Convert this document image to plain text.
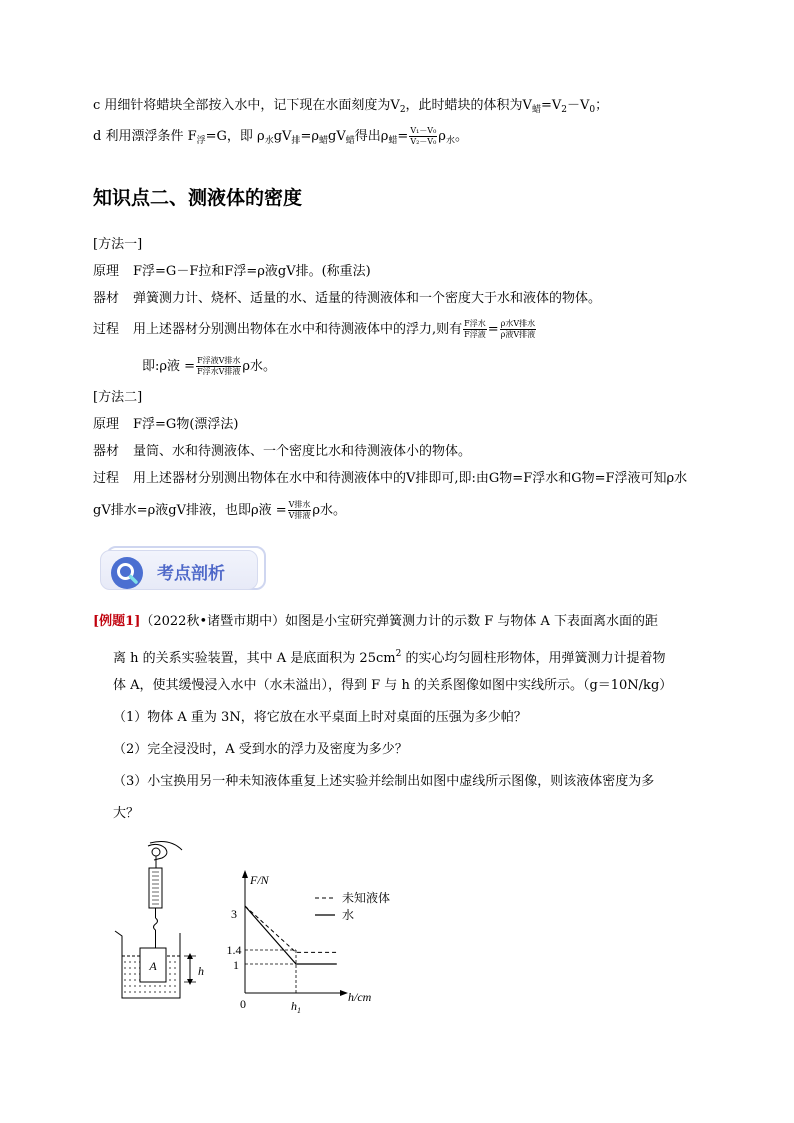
c 用细针将蜡块全部按入水中，记下现在水面刻度为$V_2$，此时蜡块的体积为$V_蜡=V_2-V_0$；
d 利用漂浮条件 $F_浮=G$，即 $\rho_水gV_排=\rho_蜡gV_蜡$得出$\rho_蜡= \frac{\text{V₁－V₀}}{\text{V₂－V₀}} \rho_水$。
知识点二、测液体的密度
[方法一]
原理 F浮=G－F拉和F浮=ρ液gV排。(称重法)
器材 弹簧测力计、烧杯、适量的水、适量的待测液体和一个密度大于水和液体的物体。
过程 用上述器材分别测出物体在水中和待测液体中的浮力,则有 $\frac{\text{F浮水}}{\text{F浮液}} = \frac{\text{ρ水V排水}}{\text{ρ液V排液}}$
即:ρ液 = $\frac{\text{F浮液V排水}}{\text{F浮水V排液}}$ ρ水。
[方法二]
原理 F浮=G物(漂浮法)
器材 量筒、水和待测液体、一个密度比水和待测液体小的物体。
过程 用上述器材分别测出物体在水中和待测液体中的V排即可,即:由G物=F浮水和G物=F浮液可知ρ水
gV排水=ρ液gV排液，也即ρ液 = $\frac{\text{V排水}}{\text{V排液}}$ ρ水。
考点剖析
[例题1]（2022秋•诸暨市期中）如图是小宝研究弹簧测力计的示数 F 与物体 A 下表面离水面的距
离 h 的关系实验装置，其中 A 是底面积为 $25cm^2$ 的实心均匀圆柱形物体，用弹簧测力计提着物
体 A，使其缓慢浸入水中（水未溢出），得到 F 与 h 的关系图像如图中实线所示。（g＝10N/kg）
（1）物体 A 重为 3N，将它放在水平桌面上时对桌面的压强为多少帕？
（2）完全浸没时，A 受到水的浮力及密度为多少？
（3）小宝换用另一种未知液体重复上述实验并绘制出如图中虚线所示图像，则该液体密度为多
大？
A	h
F/N
h/cm
3
1.4
1
0	$h_1$
未知液体
水
